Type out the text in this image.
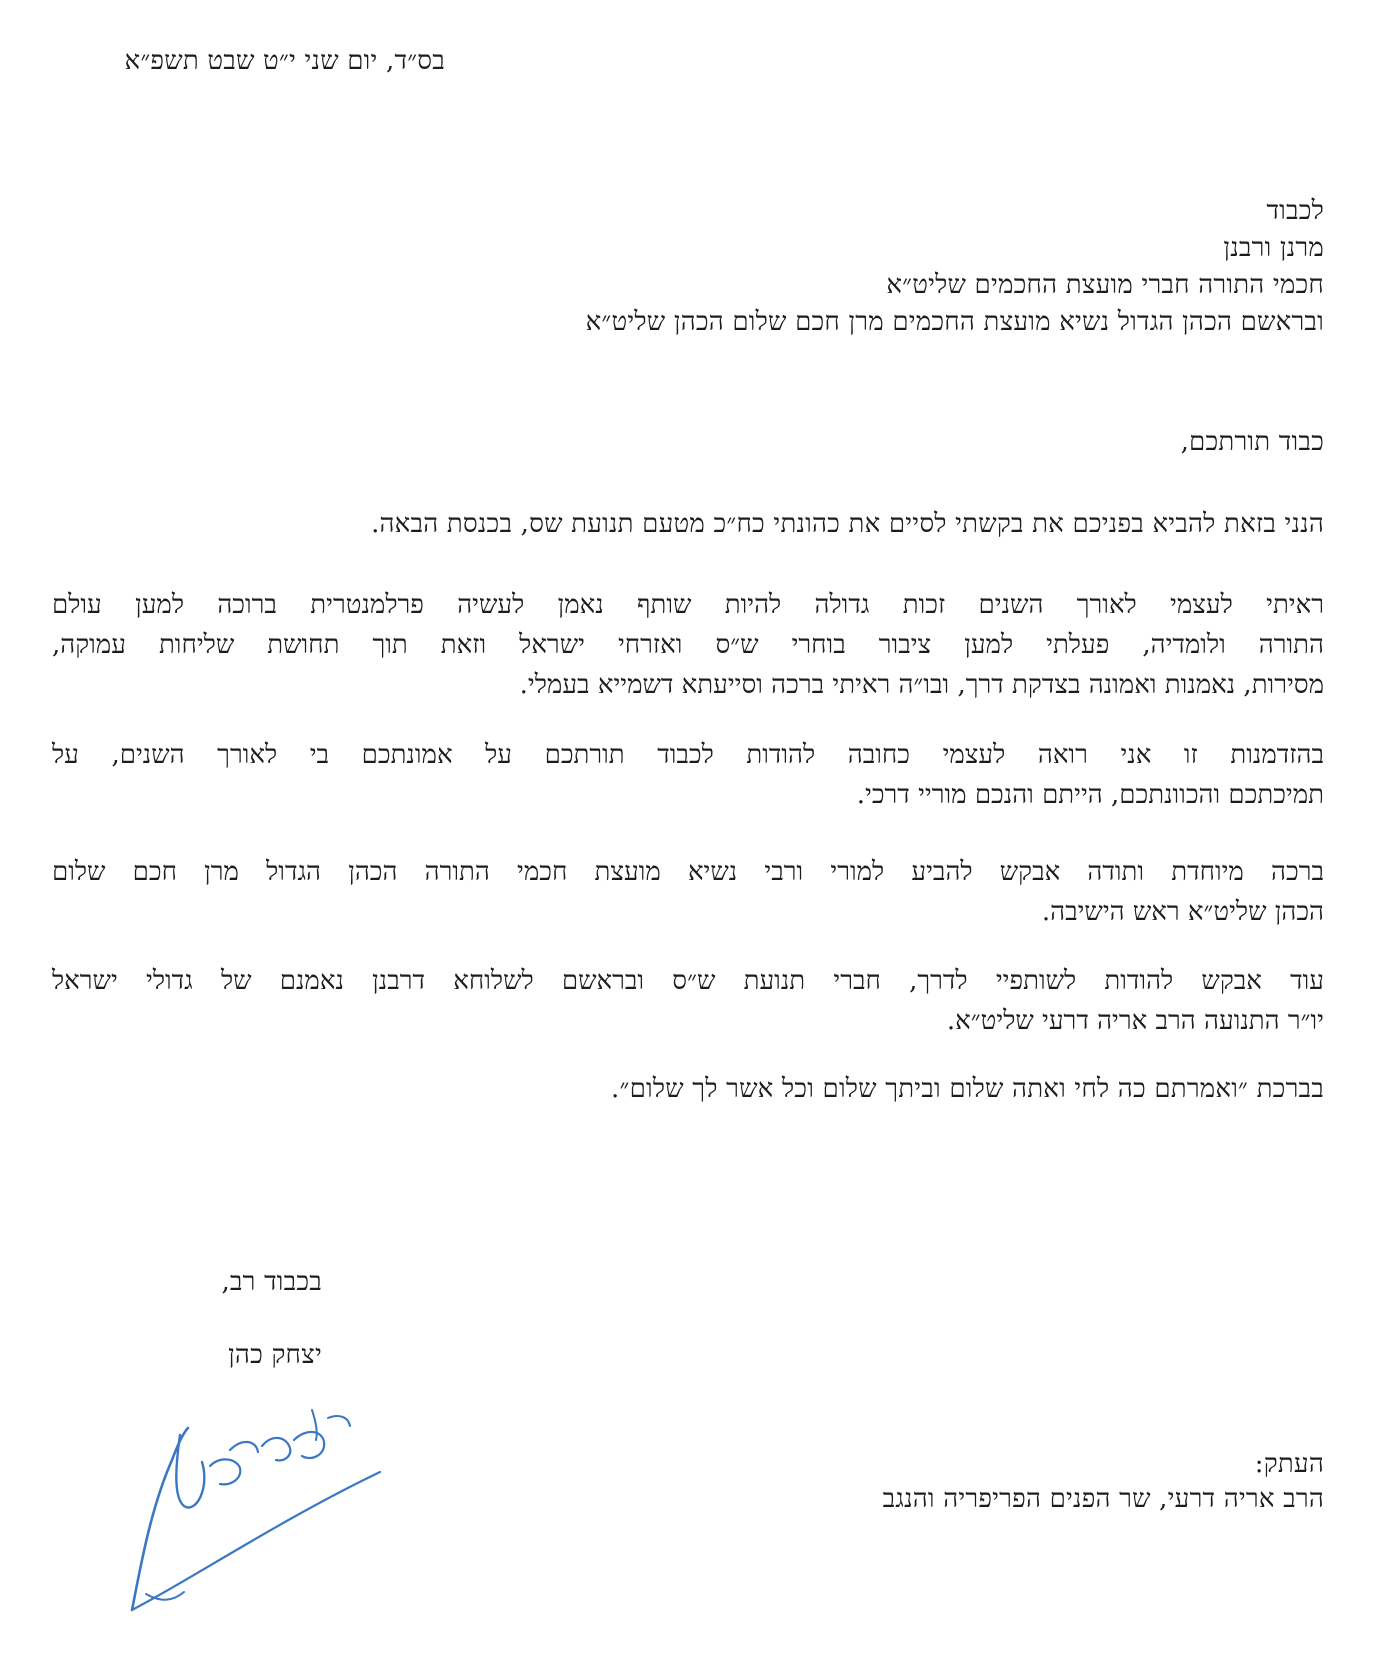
בס״ד, יום שני י״ט שבט תשפ״א
לכבוד
מרנן ורבנן
חכמי התורה חברי מועצת החכמים שליט״א
ובראשם הכהן הגדול נשיא מועצת החכמים מרן חכם שלום הכהן שליט״א
כבוד תורתכם,
הנני בזאת להביא בפניכם את בקשתי לסיים את כהונתי כח״כ מטעם תנועת שס, בכנסת הבאה.
ראיתי לעצמי לאורך השנים זכות גדולה להיות שותף נאמן לעשיה פרלמנטרית ברוכה למען עולם
התורה ולומדיה, פעלתי למען ציבור בוחרי ש״ס ואזרחי ישראל וזאת תוך תחושת שליחות עמוקה,
מסירות, נאמנות ואמונה בצדקת דרך, ובו״ה ראיתי ברכה וסייעתא דשמייא בעמלי.
בהזדמנות זו אני רואה לעצמי כחובה להודות לכבוד תורתכם על אמונתכם בי לאורך השנים, על
תמיכתכם והכוונתכם, הייתם והנכם מוריי דרכי.
ברכה מיוחדת ותודה אבקש להביע למורי ורבי נשיא מועצת חכמי התורה הכהן הגדול מרן חכם שלום
הכהן שליט״א ראש הישיבה.
עוד אבקש להודות לשותפיי לדרך, חברי תנועת ש״ס ובראשם לשלוחא דרבנן נאמנם של גדולי ישראל
יו״ר התנועה הרב אריה דרעי שליט״א.
בברכת ״ואמרתם כה לחי ואתה שלום וביתך שלום וכל אשר לך שלום״.
בכבוד רב,
יצחק כהן
העתק:
הרב אריה דרעי, שר הפנים הפריפריה והנגב
